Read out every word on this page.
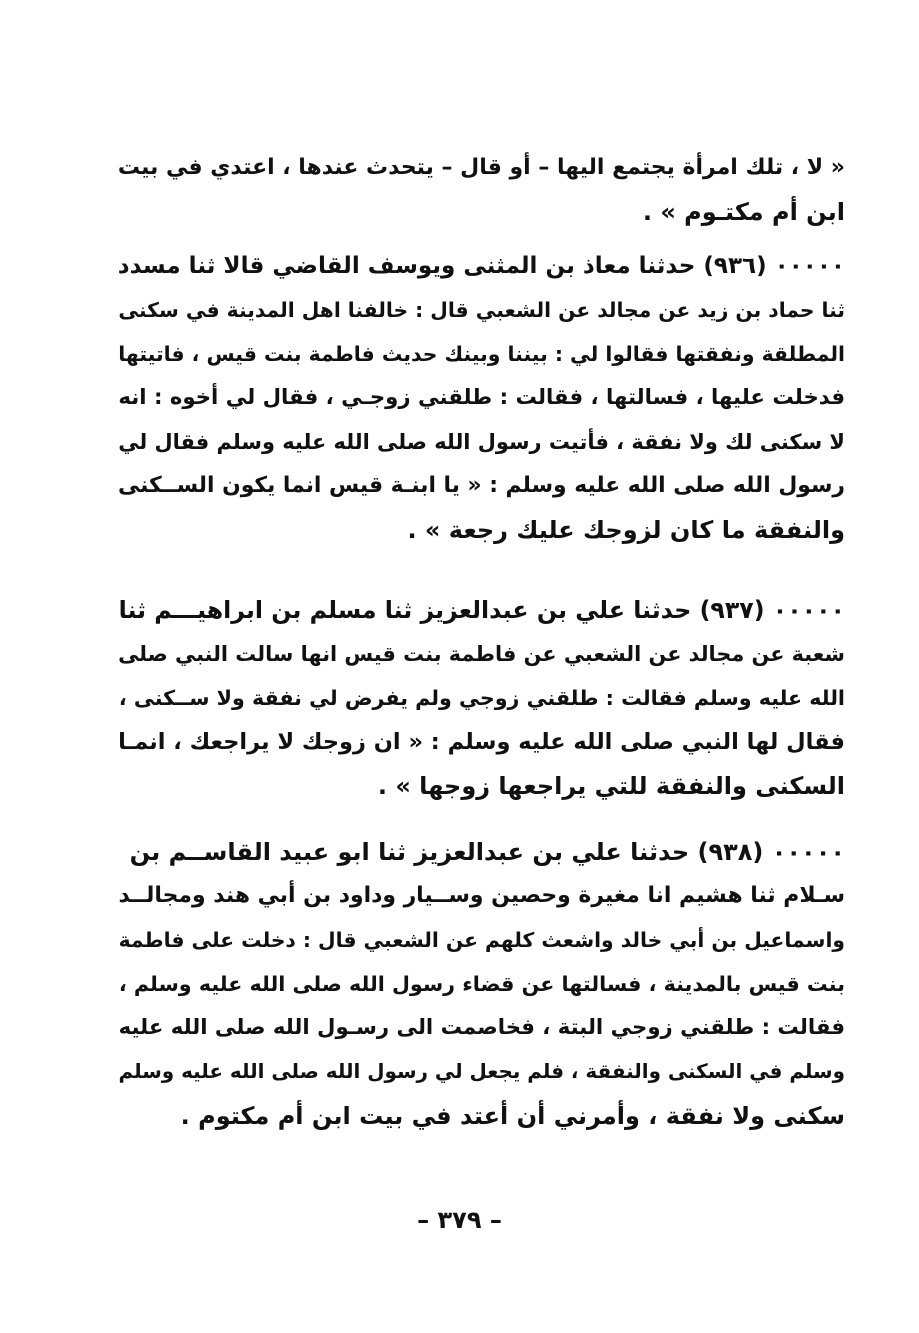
« لا ، تلك امرأة يجتمع اليها – أو قال – يتحدث عندها ، اعتدي في بيت
ابن أم مكتـوم » .
٠٠٠٠٠ (٩٣٦) حدثنا معاذ بن المثنى ويوسف القاضي قالا ثنا مسدد
ثنا حماد بن زيد عن مجالد عن الشعبي قال : خالفنا اهل المدينة في سكنى
المطلقة ونفقتها فقالوا لي : بيننا وبينك حديث فاطمة بنت قيس ، فاتيتها
فدخلت عليها ، فسالتها ، فقالت : طلقني زوجـي ، فقال لي أخوه : انه
لا سكنى لك ولا نفقة ، فأتيت رسول الله صلى الله عليه وسلم فقال لي
رسول الله صلى الله عليه وسلم : « يا ابنـة قيس انما يكون الســكنى
والنفقة ما كان لزوجك عليك رجعة » .
٠٠٠٠٠ (٩٣٧) حدثنا علي بن عبدالعزيز ثنا مسلم بن ابراهيـــم ثنا
شعبة عن مجالد عن الشعبي عن فاطمة بنت قيس انها سالت النبي صلى
الله عليه وسلم فقالت : طلقني زوجي ولم يفرض لي نفقة ولا ســكنى ،
فقال لها النبي صلى الله عليه وسلم : « ان زوجك لا يراجعك ، انمـا
السكنى والنفقة للتي يراجعها زوجها » .
٠٠٠٠٠ (٩٣٨) حدثنا علي بن عبدالعزيز ثنا ابو عبيد القاســم بن
سـلام ثنا هشيم انا مغيرة وحصين وســيار وداود بن أبي هند ومجالــد
واسماعيل بن أبي خالد واشعث كلهم عن الشعبي قال : دخلت على فاطمة
بنت قيس بالمدينة ، فسالتها عن قضاء رسول الله صلى الله عليه وسلم ،
فقالت : طلقني زوجي البتة ، فخاصمت الى رسـول الله صلى الله عليه
وسلم في السكنى والنفقة ، فلم يجعل لي رسول الله صلى الله عليه وسلم
سكنى ولا نفقة ، وأمرني أن أعتد في بيت ابن أم مكتوم .
– ٣٧٩ –
